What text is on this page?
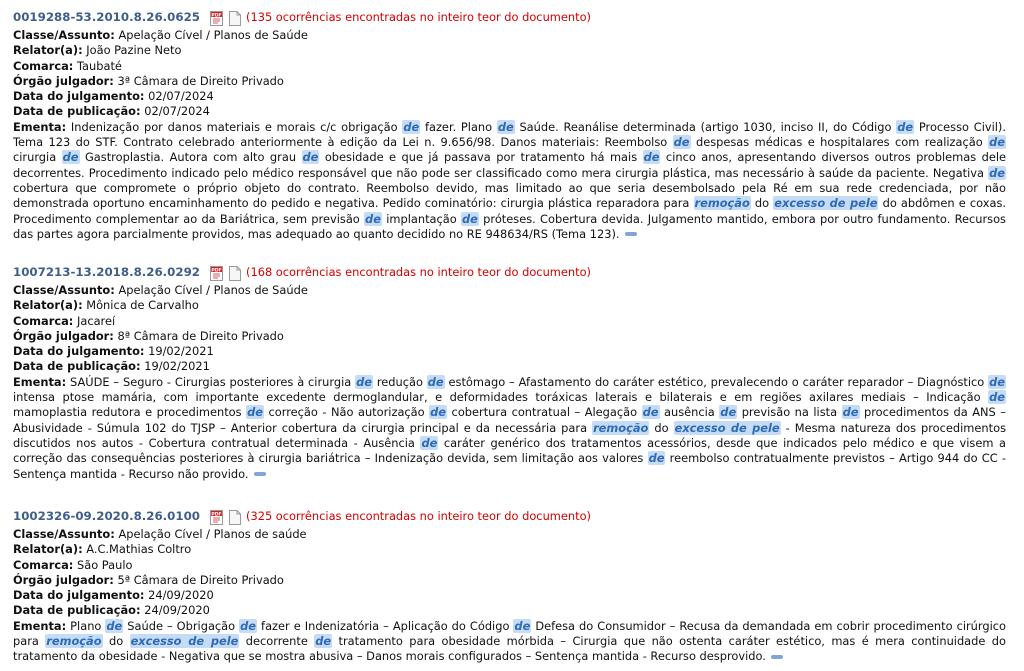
0019288-53.2010.8.26.0625 PDF (135 ocorrências encontradas no inteiro teor do documento)
Classe/Assunto: Apelação Cível / Planos de Saúde
Relator(a): João Pazine Neto
Comarca: Taubaté
Órgão julgador: 3ª Câmara de Direito Privado
Data do julgamento: 02/07/2024
Data de publicação: 02/07/2024
Ementa: Indenização por danos materiais e morais c/c obrigação de fazer. Plano de Saúde. Reanálise determinada (artigo 1030, inciso II, do Código de Processo Civil). Tema 123 do STF. Contrato celebrado anteriormente à edição da Lei n. 9.656/98. Danos materiais: Reembolso de despesas médicas e hospitalares com realização de cirurgia de Gastroplastia. Autora com alto grau de obesidade e que já passava por tratamento há mais de cinco anos, apresentando diversos outros problemas dele decorrentes. Procedimento indicado pelo médico responsável que não pode ser classificado como mera cirurgia plástica, mas necessário à saúde da paciente. Negativa de cobertura que compromete o próprio objeto do contrato. Reembolso devido, mas limitado ao que seria desembolsado pela Ré em sua rede credenciada, por não demonstrada oportuno encaminhamento do pedido e negativa. Pedido cominatório: cirurgia plástica reparadora para remoção do excesso de pele do abdômen e coxas. Procedimento complementar ao da Bariátrica, sem previsão de implantação de próteses. Cobertura devida. Julgamento mantido, embora por outro fundamento. Recursos das partes agora parcialmente providos, mas adequado ao quanto decidido no RE 948634/RS (Tema 123).
1007213-13.2018.8.26.0292 PDF (168 ocorrências encontradas no inteiro teor do documento)
Classe/Assunto: Apelação Cível / Planos de Saúde
Relator(a): Mônica de Carvalho
Comarca: Jacareí
Órgão julgador: 8ª Câmara de Direito Privado
Data do julgamento: 19/02/2021
Data de publicação: 19/02/2021
Ementa: SAÚDE – Seguro - Cirurgias posteriores à cirurgia de redução de estômago – Afastamento do caráter estético, prevalecendo o caráter reparador – Diagnóstico de intensa ptose mamária, com importante excedente dermoglandular, e deformidades toráxicas laterais e bilaterais e em regiões axilares mediais – Indicação de mamoplastia redutora e procedimentos de correção - Não autorização de cobertura contratual – Alegação de ausência de previsão na lista de procedimentos da ANS – Abusividade - Súmula 102 do TJSP – Anterior cobertura da cirurgia principal e da necessária para remoção do excesso de pele - Mesma natureza dos procedimentos discutidos nos autos - Cobertura contratual determinada - Ausência de caráter genérico dos tratamentos acessórios, desde que indicados pelo médico e que visem a correção das consequências posteriores à cirurgia bariátrica – Indenização devida, sem limitação aos valores de reembolso contratualmente previstos – Artigo 944 do CC - Sentença mantida - Recurso não provido.
1002326-09.2020.8.26.0100 PDF (325 ocorrências encontradas no inteiro teor do documento)
Classe/Assunto: Apelação Cível / Planos de saúde
Relator(a): A.C.Mathias Coltro
Comarca: São Paulo
Órgão julgador: 5ª Câmara de Direito Privado
Data do julgamento: 24/09/2020
Data de publicação: 24/09/2020
Ementa: Plano de Saúde – Obrigação de fazer e Indenizatória – Aplicação do Código de Defesa do Consumidor – Recusa da demandada em cobrir procedimento cirúrgico para remoção do excesso de pele decorrente de tratamento para obesidade mórbida – Cirurgia que não ostenta caráter estético, mas é mera continuidade do tratamento da obesidade - Negativa que se mostra abusiva – Danos morais configurados – Sentença mantida - Recurso desprovido.
